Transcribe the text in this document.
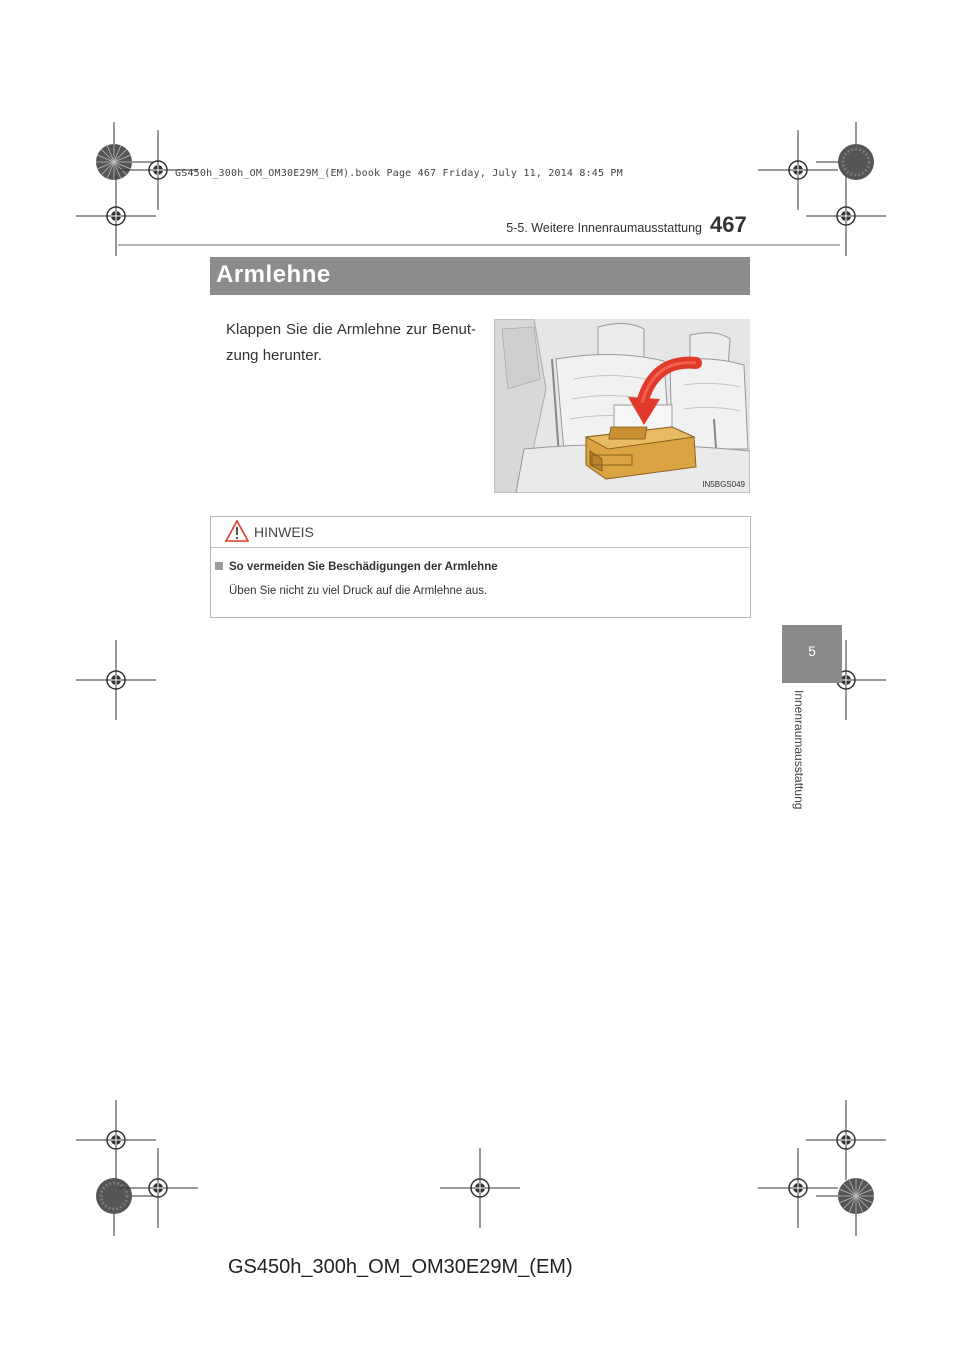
GS450h_300h_OM_OM30E29M_(EM).book Page 467 Friday, July 11, 2014 8:45 PM
5-5. Weitere Innenraumausstattung 467
5
Innenraumausstattung
Armlehne
Klappen Sie die Armlehne zur Benut-zung herunter.
IN5BGS049
HINWEIS
So vermeiden Sie Beschädigungen der Armlehne
Üben Sie nicht zu viel Druck auf die Armlehne aus.
GS450h_300h_OM_OM30E29M_(EM)
